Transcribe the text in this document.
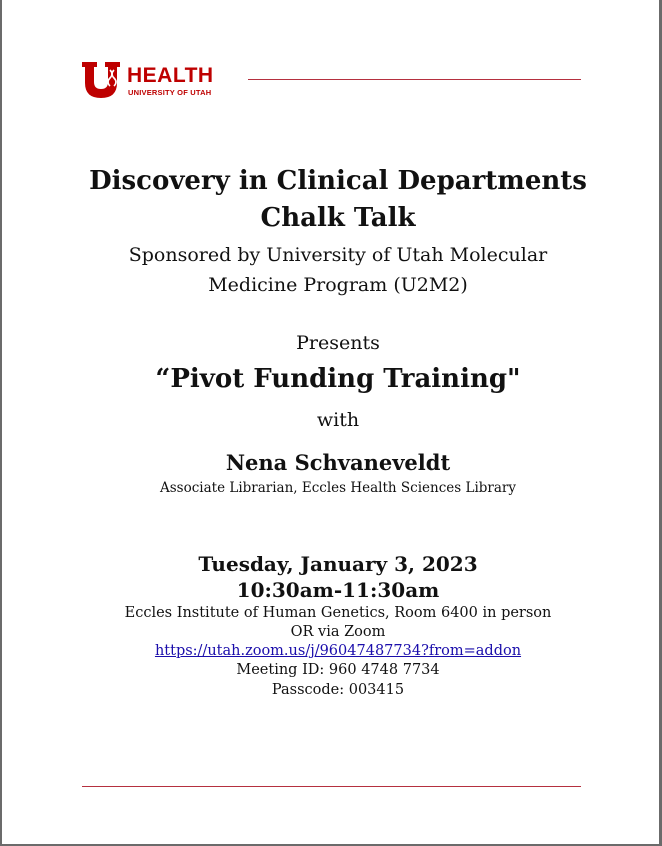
HEALTH
UNIVERSITY OF UTAH
Discovery in Clinical Departments
Chalk Talk
Sponsored by University of Utah Molecular
Medicine Program (U2M2)
Presents
“Pivot Funding Training"
with
Nena Schvaneveldt
Associate Librarian, Eccles Health Sciences Library
Tuesday, January 3, 2023
10:30am-11:30am
Eccles Institute of Human Genetics, Room 6400 in person
OR via Zoom
https://utah.zoom.us/j/96047487734?from=addon
Meeting ID: 960 4748 7734
Passcode: 003415
